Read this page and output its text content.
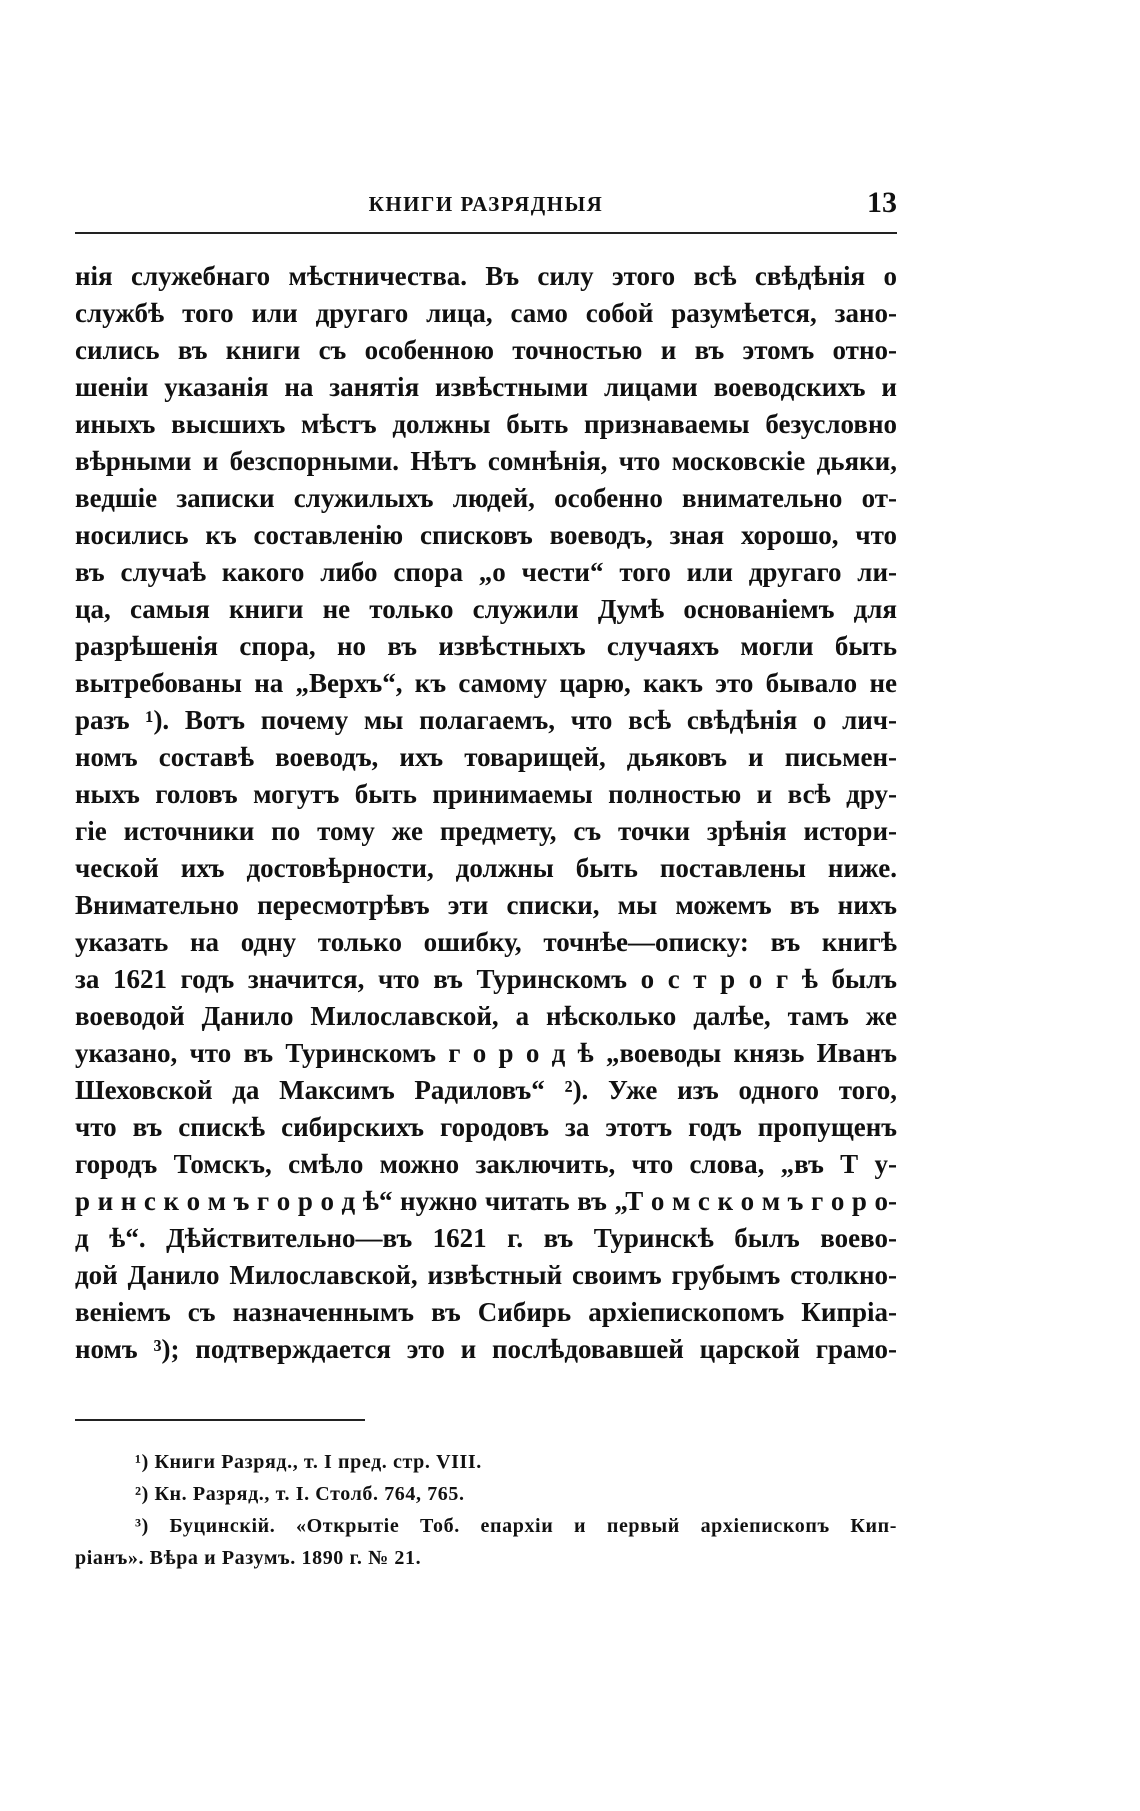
КНИГИ РАЗРЯДНЫЯ	13
нія служебнаго мѣстничества. Въ силу этого всѣ свѣдѣнія о
службѣ того или другаго лица, само собой разумѣется, зано-
сились въ книги съ особенною точностью и въ этомъ отно-
шеніи указанія на занятія извѣстными лицами воеводскихъ и
иныхъ высшихъ мѣстъ должны быть признаваемы безусловно
вѣрными и безспорными. Нѣтъ сомнѣнія, что московскіе дьяки,
ведшіе записки служилыхъ людей, особенно внимательно от-
носились къ составленію списковъ воеводъ, зная хорошо, что
въ случаѣ какого либо спора „о чести“ того или другаго ли-
ца, самыя книги не только служили Думѣ основаніемъ для
разрѣшенія спора, но въ извѣстныхъ случаяхъ могли быть
вытребованы на „Верхъ“, къ самому царю, какъ это бывало не
разъ ¹). Вотъ почему мы полагаемъ, что всѣ свѣдѣнія о лич-
номъ составѣ воеводъ, ихъ товарищей, дьяковъ и письмен-
ныхъ головъ могутъ быть принимаемы полностью и всѣ дру-
гіе источники по тому же предмету, съ точки зрѣнія истори-
ческой ихъ достовѣрности, должны быть поставлены ниже.
Внимательно пересмотрѣвъ эти списки, мы можемъ въ нихъ
указать на одну только ошибку, точнѣе—описку: въ книгѣ
за 1621 годъ значится, что въ Туринскомъ о с т р о г ѣ былъ
воеводой Данило Милославской, а нѣсколько далѣе, тамъ же
указано, что въ Туринскомъ г о р о д ѣ „воеводы князь Иванъ
Шеховской да Максимъ Радиловъ“ ²). Уже изъ одного того,
что въ спискѣ сибирскихъ городовъ за этотъ годъ пропущенъ
городъ Томскъ, смѣло можно заключить, что слова, „въ Т у-
р и н с к о м ъ г о р о д ѣ“ нужно читать въ „Т о м с к о м ъ г о р о-
д ѣ“. Дѣйствительно—въ 1621 г. въ Туринскѣ былъ воево-
дой Данило Милославской, извѣстный своимъ грубымъ столкно-
веніемъ съ назначеннымъ въ Сибирь архіепископомъ Кипріа-
номъ ³); подтверждается это и послѣдовавшей царской грамо-
¹) Книги Разряд., т. I пред. стр. VIII.
²) Кн. Разряд., т. I. Столб. 764, 765.
³) Буцинскій. «Открытіе Тоб. епархіи и первый архіепископъ Кип-
ріанъ». Вѣра и Разумъ. 1890 г. № 21.
